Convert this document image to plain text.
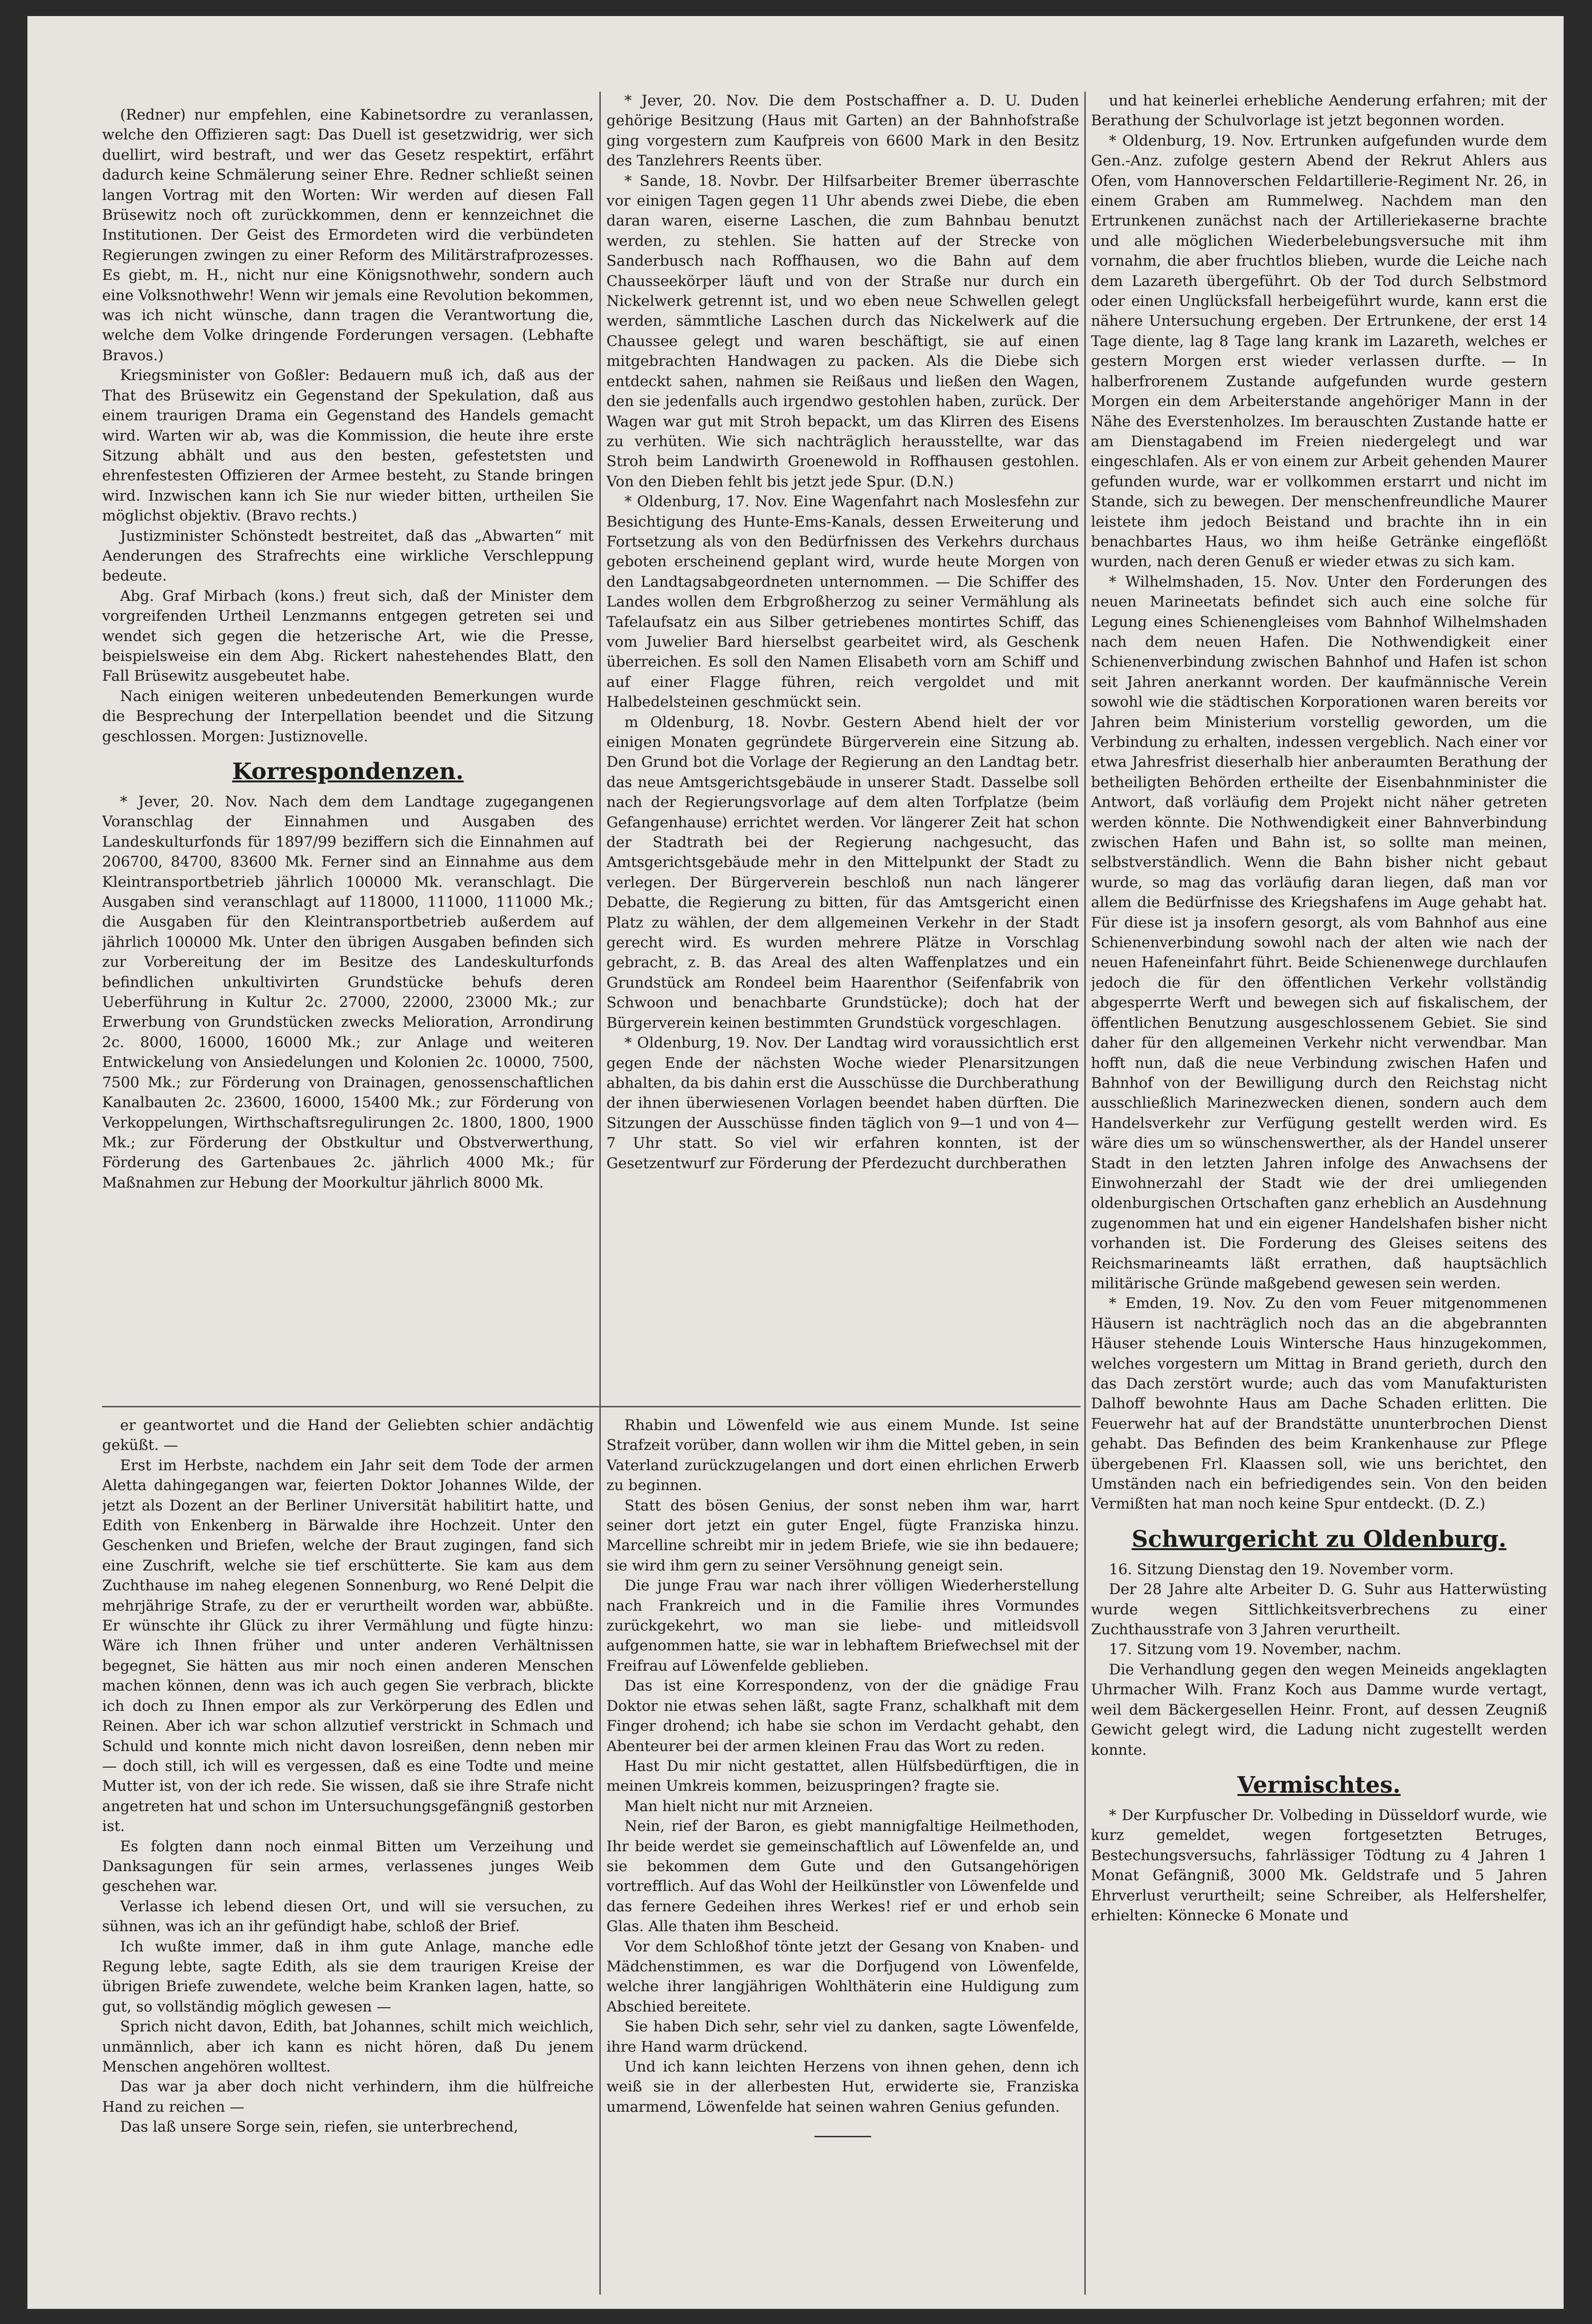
(Redner) nur empfehlen, eine Kabinetsordre zu veranlassen, welche den Offizieren sagt: Das Duell ist gesetzwidrig, wer sich duellirt, wird bestraft, und wer das Gesetz respektirt, erfährt dadurch keine Schmälerung seiner Ehre. Redner schließt seinen langen Vortrag mit den Worten: Wir werden auf diesen Fall Brüsewitz noch oft zurückkommen, denn er kennzeichnet die Institutionen. Der Geist des Ermordeten wird die verbündeten Regierungen zwingen zu einer Reform des Militärstrafprozesses. Es giebt, m. H., nicht nur eine Königsnothwehr, sondern auch eine Volksnothwehr! Wenn wir jemals eine Revolution bekommen, was ich nicht wünsche, dann tragen die Verantwortung die, welche dem Volke dringende Forderungen versagen. (Lebhafte Bravos.)

Kriegsminister von Goßler: Bedauern muß ich, daß aus der That des Brüsewitz ein Gegenstand der Spekulation, daß aus einem traurigen Drama ein Gegenstand des Handels gemacht wird. Warten wir ab, was die Kommission, die heute ihre erste Sitzung abhält und aus den besten, gefestetsten und ehrenfestesten Offizieren der Armee besteht, zu Stande bringen wird. Inzwischen kann ich Sie nur wieder bitten, urtheilen Sie möglichst objektiv. (Bravo rechts.)

Justizminister Schönstedt bestreitet, daß das „Abwarten“ mit Aenderungen des Strafrechts eine wirkliche Verschleppung bedeute.

Abg. Graf Mirbach (kons.) freut sich, daß der Minister dem vorgreifenden Urtheil Lenzmanns entgegen getreten sei und wendet sich gegen die hetzerische Art, wie die Presse, beispielsweise ein dem Abg. Rickert nahestehendes Blatt, den Fall Brüsewitz ausgebeutet habe.

Nach einigen weiteren unbedeutenden Bemerkungen wurde die Besprechung der Interpellation beendet und die Sitzung geschlossen. Morgen: Justiznovelle.

Korrespondenzen.

* Jever, 20. Nov. Nach dem dem Landtage zugegangenen Voranschlag der Einnahmen und Ausgaben des Landeskulturfonds für 1897/99 beziffern sich die Einnahmen auf 206700, 84700, 83600 Mk. Ferner sind an Einnahme aus dem Kleintransportbetrieb jährlich 100000 Mk. veranschlagt. Die Ausgaben sind veranschlagt auf 118000, 111000, 111000 Mk.; die Ausgaben für den Kleintransportbetrieb außerdem auf jährlich 100000 Mk. Unter den übrigen Ausgaben befinden sich zur Vorbereitung der im Besitze des Landeskulturfonds befindlichen unkultivirten Grundstücke behufs deren Ueberführung in Kultur 2c. 27000, 22000, 23000 Mk.; zur Erwerbung von Grundstücken zwecks Melioration, Arrondirung 2c. 8000, 16000, 16000 Mk.; zur Anlage und weiteren Entwickelung von Ansiedelungen und Kolonien 2c. 10000, 7500, 7500 Mk.; zur Förderung von Drainagen, genossenschaftlichen Kanalbauten 2c. 23600, 16000, 15400 Mk.; zur Förderung von Verkoppelungen, Wirthschaftsregulirungen 2c. 1800, 1800, 1900 Mk.; zur Förderung der Obstkultur und Obstverwerthung, Förderung des Gartenbaues 2c. jährlich 4000 Mk.; für Maßnahmen zur Hebung der Moorkultur jährlich 8000 Mk.

* Jever, 20. Nov. Die dem Postschaffner a. D. U. Duden gehörige Besitzung (Haus mit Garten) an der Bahnhofstraße ging vorgestern zum Kaufpreis von 6600 Mark in den Besitz des Tanzlehrers Reents über.

* Sande, 18. Novbr. Der Hilfsarbeiter Bremer überraschte vor einigen Tagen gegen 11 Uhr abends zwei Diebe, die eben daran waren, eiserne Laschen, die zum Bahnbau benutzt werden, zu stehlen. Sie hatten auf der Strecke von Sanderbusch nach Roffhausen, wo die Bahn auf dem Chausseekörper läuft und von der Straße nur durch ein Nickelwerk getrennt ist, und wo eben neue Schwellen gelegt werden, sämmtliche Laschen durch das Nickelwerk auf die Chaussee gelegt und waren beschäftigt, sie auf einen mitgebrachten Handwagen zu packen. Als die Diebe sich entdeckt sahen, nahmen sie Reißaus und ließen den Wagen, den sie jedenfalls auch irgendwo gestohlen haben, zurück. Der Wagen war gut mit Stroh bepackt, um das Klirren des Eisens zu verhüten. Wie sich nachträglich herausstellte, war das Stroh beim Landwirth Groenewold in Roffhausen gestohlen. Von den Dieben fehlt bis jetzt jede Spur. (D.N.)

* Oldenburg, 17. Nov. Eine Wagenfahrt nach Moslesfehn zur Besichtigung des Hunte-Ems-Kanals, dessen Erweiterung und Fortsetzung als von den Bedürfnissen des Verkehrs durchaus geboten erscheinend geplant wird, wurde heute Morgen von den Landtagsabgeordneten unternommen. — Die Schiffer des Landes wollen dem Erbgroßherzog zu seiner Vermählung als Tafelaufsatz ein aus Silber getriebenes montirtes Schiff, das vom Juwelier Bard hierselbst gearbeitet wird, als Geschenk überreichen. Es soll den Namen Elisabeth vorn am Schiff und auf einer Flagge führen, reich vergoldet und mit Halbedelsteinen geschmückt sein.

m Oldenburg, 18. Novbr. Gestern Abend hielt der vor einigen Monaten gegründete Bürgerverein eine Sitzung ab. Den Grund bot die Vorlage der Regierung an den Landtag betr. das neue Amtsgerichtsgebäude in unserer Stadt. Dasselbe soll nach der Regierungsvorlage auf dem alten Torfplatze (beim Gefangenhause) errichtet werden. Vor längerer Zeit hat schon der Stadtrath bei der Regierung nachgesucht, das Amtsgerichtsgebäude mehr in den Mittelpunkt der Stadt zu verlegen. Der Bürgerverein beschloß nun nach längerer Debatte, die Regierung zu bitten, für das Amtsgericht einen Platz zu wählen, der dem allgemeinen Verkehr in der Stadt gerecht wird. Es wurden mehrere Plätze in Vorschlag gebracht, z. B. das Areal des alten Waffenplatzes und ein Grundstück am Rondeel beim Haarenthor (Seifenfabrik von Schwoon und benachbarte Grundstücke); doch hat der Bürgerverein keinen bestimmten Grundstück vorgeschlagen.

* Oldenburg, 19. Nov. Der Landtag wird voraussichtlich erst gegen Ende der nächsten Woche wieder Plenarsitzungen abhalten, da bis dahin erst die Ausschüsse die Durchberathung der ihnen überwiesenen Vorlagen beendet haben dürften. Die Sitzungen der Ausschüsse finden täglich von 9—1 und von 4—7 Uhr statt. So viel wir erfahren konnten, ist der Gesetzentwurf zur Förderung der Pferdezucht durchberathen

und hat keinerlei erhebliche Aenderung erfahren; mit der Berathung der Schulvorlage ist jetzt begonnen worden.

* Oldenburg, 19. Nov. Ertrunken aufgefunden wurde dem Gen.-Anz. zufolge gestern Abend der Rekrut Ahlers aus Ofen, vom Hannoverschen Feldartillerie-Regiment Nr. 26, in einem Graben am Rummelweg. Nachdem man den Ertrunkenen zunächst nach der Artilleriekaserne brachte und alle möglichen Wiederbelebungsversuche mit ihm vornahm, die aber fruchtlos blieben, wurde die Leiche nach dem Lazareth übergeführt. Ob der Tod durch Selbstmord oder einen Unglücksfall herbeigeführt wurde, kann erst die nähere Untersuchung ergeben. Der Ertrunkene, der erst 14 Tage diente, lag 8 Tage lang krank im Lazareth, welches er gestern Morgen erst wieder verlassen durfte. — In halberfrorenem Zustande aufgefunden wurde gestern Morgen ein dem Arbeiterstande angehöriger Mann in der Nähe des Everstenholzes. Im berauschten Zustande hatte er am Dienstagabend im Freien niedergelegt und war eingeschlafen. Als er von einem zur Arbeit gehenden Maurer gefunden wurde, war er vollkommen erstarrt und nicht im Stande, sich zu bewegen. Der menschenfreundliche Maurer leistete ihm jedoch Beistand und brachte ihn in ein benachbartes Haus, wo ihm heiße Getränke eingeflößt wurden, nach deren Genuß er wieder etwas zu sich kam.

* Wilhelmshaden, 15. Nov. Unter den Forderungen des neuen Marineetats befindet sich auch eine solche für Legung eines Schienengleises vom Bahnhof Wilhelmshaden nach dem neuen Hafen. Die Nothwendigkeit einer Schienenverbindung zwischen Bahnhof und Hafen ist schon seit Jahren anerkannt worden. Der kaufmännische Verein sowohl wie die städtischen Korporationen waren bereits vor Jahren beim Ministerium vorstellig geworden, um die Verbindung zu erhalten, indessen vergeblich. Nach einer vor etwa Jahresfrist dieserhalb hier anberaumten Berathung der betheiligten Behörden ertheilte der Eisenbahnminister die Antwort, daß vorläufig dem Projekt nicht näher getreten werden könnte. Die Nothwendigkeit einer Bahnverbindung zwischen Hafen und Bahn ist, so sollte man meinen, selbstverständlich. Wenn die Bahn bisher nicht gebaut wurde, so mag das vorläufig daran liegen, daß man vor allem die Bedürfnisse des Kriegshafens im Auge gehabt hat. Für diese ist ja insofern gesorgt, als vom Bahnhof aus eine Schienenverbindung sowohl nach der alten wie nach der neuen Hafeneinfahrt führt. Beide Schienenwege durchlaufen jedoch die für den öffentlichen Verkehr vollständig abgesperrte Werft und bewegen sich auf fiskalischem, der öffentlichen Benutzung ausgeschlossenem Gebiet. Sie sind daher für den allgemeinen Verkehr nicht verwendbar. Man hofft nun, daß die neue Verbindung zwischen Hafen und Bahnhof von der Bewilligung durch den Reichstag nicht ausschließlich Marinezwecken dienen, sondern auch dem Handelsverkehr zur Verfügung gestellt werden wird. Es wäre dies um so wünschenswerther, als der Handel unserer Stadt in den letzten Jahren infolge des Anwachsens der Einwohnerzahl der Stadt wie der drei umliegenden oldenburgischen Ortschaften ganz erheblich an Ausdehnung zugenommen hat und ein eigener Handelshafen bisher nicht vorhanden ist. Die Forderung des Gleises seitens des Reichsmarineamts läßt errathen, daß hauptsächlich militärische Gründe maßgebend gewesen sein werden.

* Emden, 19. Nov. Zu den vom Feuer mitgenommenen Häusern ist nachträglich noch das an die abgebrannten Häuser stehende Louis Wintersche Haus hinzugekommen, welches vorgestern um Mittag in Brand gerieth, durch den das Dach zerstört wurde; auch das vom Manufakturisten Dalhoff bewohnte Haus am Dache Schaden erlitten. Die Feuerwehr hat auf der Brandstätte ununterbrochen Dienst gehabt. Das Befinden des beim Krankenhause zur Pflege übergebenen Frl. Klaassen soll, wie uns berichtet, den Umständen nach ein befriedigendes sein. Von den beiden Vermißten hat man noch keine Spur entdeckt. (D. Z.)

Schwurgericht zu Oldenburg.

16. Sitzung Dienstag den 19. November vorm.

Der 28 Jahre alte Arbeiter D. G. Suhr aus Hatterwüsting wurde wegen Sittlichkeitsverbrechens zu einer Zuchthausstrafe von 3 Jahren verurtheilt.

17. Sitzung vom 19. November, nachm.

Die Verhandlung gegen den wegen Meineids angeklagten Uhrmacher Wilh. Franz Koch aus Damme wurde vertagt, weil dem Bäckergesellen Heinr. Front, auf dessen Zeugniß Gewicht gelegt wird, die Ladung nicht zugestellt werden konnte.

Vermischtes.

* Der Kurpfuscher Dr. Volbeding in Düsseldorf wurde, wie kurz gemeldet, wegen fortgesetzten Betruges, Bestechungsversuchs, fahrlässiger Tödtung zu 4 Jahren 1 Monat Gefängniß, 3000 Mk. Geldstrafe und 5 Jahren Ehrverlust verurtheilt; seine Schreiber, als Helfershelfer, erhielten: Könnecke 6 Monate und

er geantwortet und die Hand der Geliebten schier andächtig geküßt. —

Erst im Herbste, nachdem ein Jahr seit dem Tode der armen Aletta dahingegangen war, feierten Doktor Johannes Wilde, der jetzt als Dozent an der Berliner Universität habilitirt hatte, und Edith von Enkenberg in Bärwalde ihre Hochzeit. Unter den Geschenken und Briefen, welche der Braut zugingen, fand sich eine Zuschrift, welche sie tief erschütterte. Sie kam aus dem Zuchthause im naheg elegenen Sonnenburg, wo René Delpit die mehrjährige Strafe, zu der er verurtheilt worden war, abbüßte. Er wünschte ihr Glück zu ihrer Vermählung und fügte hinzu: Wäre ich Ihnen früher und unter anderen Verhältnissen begegnet, Sie hätten aus mir noch einen anderen Menschen machen können, denn was ich auch gegen Sie verbrach, blickte ich doch zu Ihnen empor als zur Verkörperung des Edlen und Reinen. Aber ich war schon allzutief verstrickt in Schmach und Schuld und konnte mich nicht davon losreißen, denn neben mir — doch still, ich will es vergessen, daß es eine Todte und meine Mutter ist, von der ich rede. Sie wissen, daß sie ihre Strafe nicht angetreten hat und schon im Untersuchungsgefängniß gestorben ist.

Es folgten dann noch einmal Bitten um Verzeihung und Danksagungen für sein armes, verlassenes junges Weib geschehen war.

Verlasse ich lebend diesen Ort, und will sie versuchen, zu sühnen, was ich an ihr gefündigt habe, schloß der Brief.

Ich wußte immer, daß in ihm gute Anlage, manche edle Regung lebte, sagte Edith, als sie dem traurigen Kreise der übrigen Briefe zuwendete, welche beim Kranken lagen, hatte, so gut, so vollständig möglich gewesen —

Sprich nicht davon, Edith, bat Johannes, schilt mich weichlich, unmännlich, aber ich kann es nicht hören, daß Du jenem Menschen angehören wolltest.

Das war ja aber doch nicht verhindern, ihm die hülfreiche Hand zu reichen —

Das laß unsere Sorge sein, riefen, sie unterbrechend,

Rhabin und Löwenfeld wie aus einem Munde. Ist seine Strafzeit vorüber, dann wollen wir ihm die Mittel geben, in sein Vaterland zurückzugelangen und dort einen ehrlichen Erwerb zu beginnen.

Statt des bösen Genius, der sonst neben ihm war, harrt seiner dort jetzt ein guter Engel, fügte Franziska hinzu. Marcelline schreibt mir in jedem Briefe, wie sie ihn bedauere; sie wird ihm gern zu seiner Versöhnung geneigt sein.

Die junge Frau war nach ihrer völligen Wiederherstellung nach Frankreich und in die Familie ihres Vormundes zurückgekehrt, wo man sie liebe- und mitleidsvoll aufgenommen hatte, sie war in lebhaftem Briefwechsel mit der Freifrau auf Löwenfelde geblieben.

Das ist eine Korrespondenz, von der die gnädige Frau Doktor nie etwas sehen läßt, sagte Franz, schalkhaft mit dem Finger drohend; ich habe sie schon im Verdacht gehabt, den Abenteurer bei der armen kleinen Frau das Wort zu reden.

Hast Du mir nicht gestattet, allen Hülfsbedürftigen, die in meinen Umkreis kommen, beizuspringen? fragte sie.

Man hielt nicht nur mit Arzneien.

Nein, rief der Baron, es giebt mannigfaltige Heilmethoden, Ihr beide werdet sie gemeinschaftlich auf Löwenfelde an, und sie bekommen dem Gute und den Gutsangehörigen vortrefflich. Auf das Wohl der Heilkünstler von Löwenfelde und das fernere Gedeihen ihres Werkes! rief er und erhob sein Glas. Alle thaten ihm Bescheid.

Vor dem Schloßhof tönte jetzt der Gesang von Knaben- und Mädchenstimmen, es war die Dorfjugend von Löwenfelde, welche ihrer langjährigen Wohlthäterin eine Huldigung zum Abschied bereitete.

Sie haben Dich sehr, sehr viel zu danken, sagte Löwenfelde, ihre Hand warm drückend.

Und ich kann leichten Herzens von ihnen gehen, denn ich weiß sie in der allerbesten Hut, erwiderte sie, Franziska umarmend, Löwenfelde hat seinen wahren Genius gefunden.
